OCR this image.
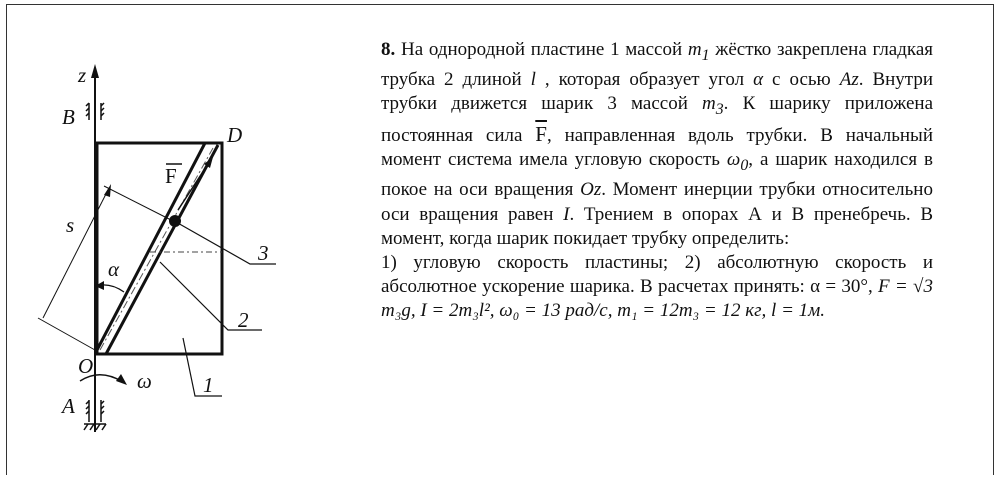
F
s
α
3
2
1
ω
z
B
D
O
A

8. На однородной пластине 1 массой $m_1$ жёстко закреплена гладкая трубка 2 длиной l , которая образует угол α с осью Az. Внутри трубки движется шарик 3 массой $m_3$. К шарику приложена постоянная сила $\overline{F}$, направленная вдоль трубки. В начальный момент система имела угловую скорость $\omega_0$, а шарик находился в покое на оси вращения Oz. Момент инерции трубки относительно оси вращения равен I. Трением в опорах А и В пренебречь. В момент, когда шарик покидает трубку определить:

1) угловую скорость пластины; 2) абсолютную скорость и абсолютное ускорение шарика. В расчетах принять: α = 30°, F = √3 m₃g, I = 2m₃l², ω₀ = 13 рад/с, m₁ = 12m₃ = 12 кг, l = 1м.
